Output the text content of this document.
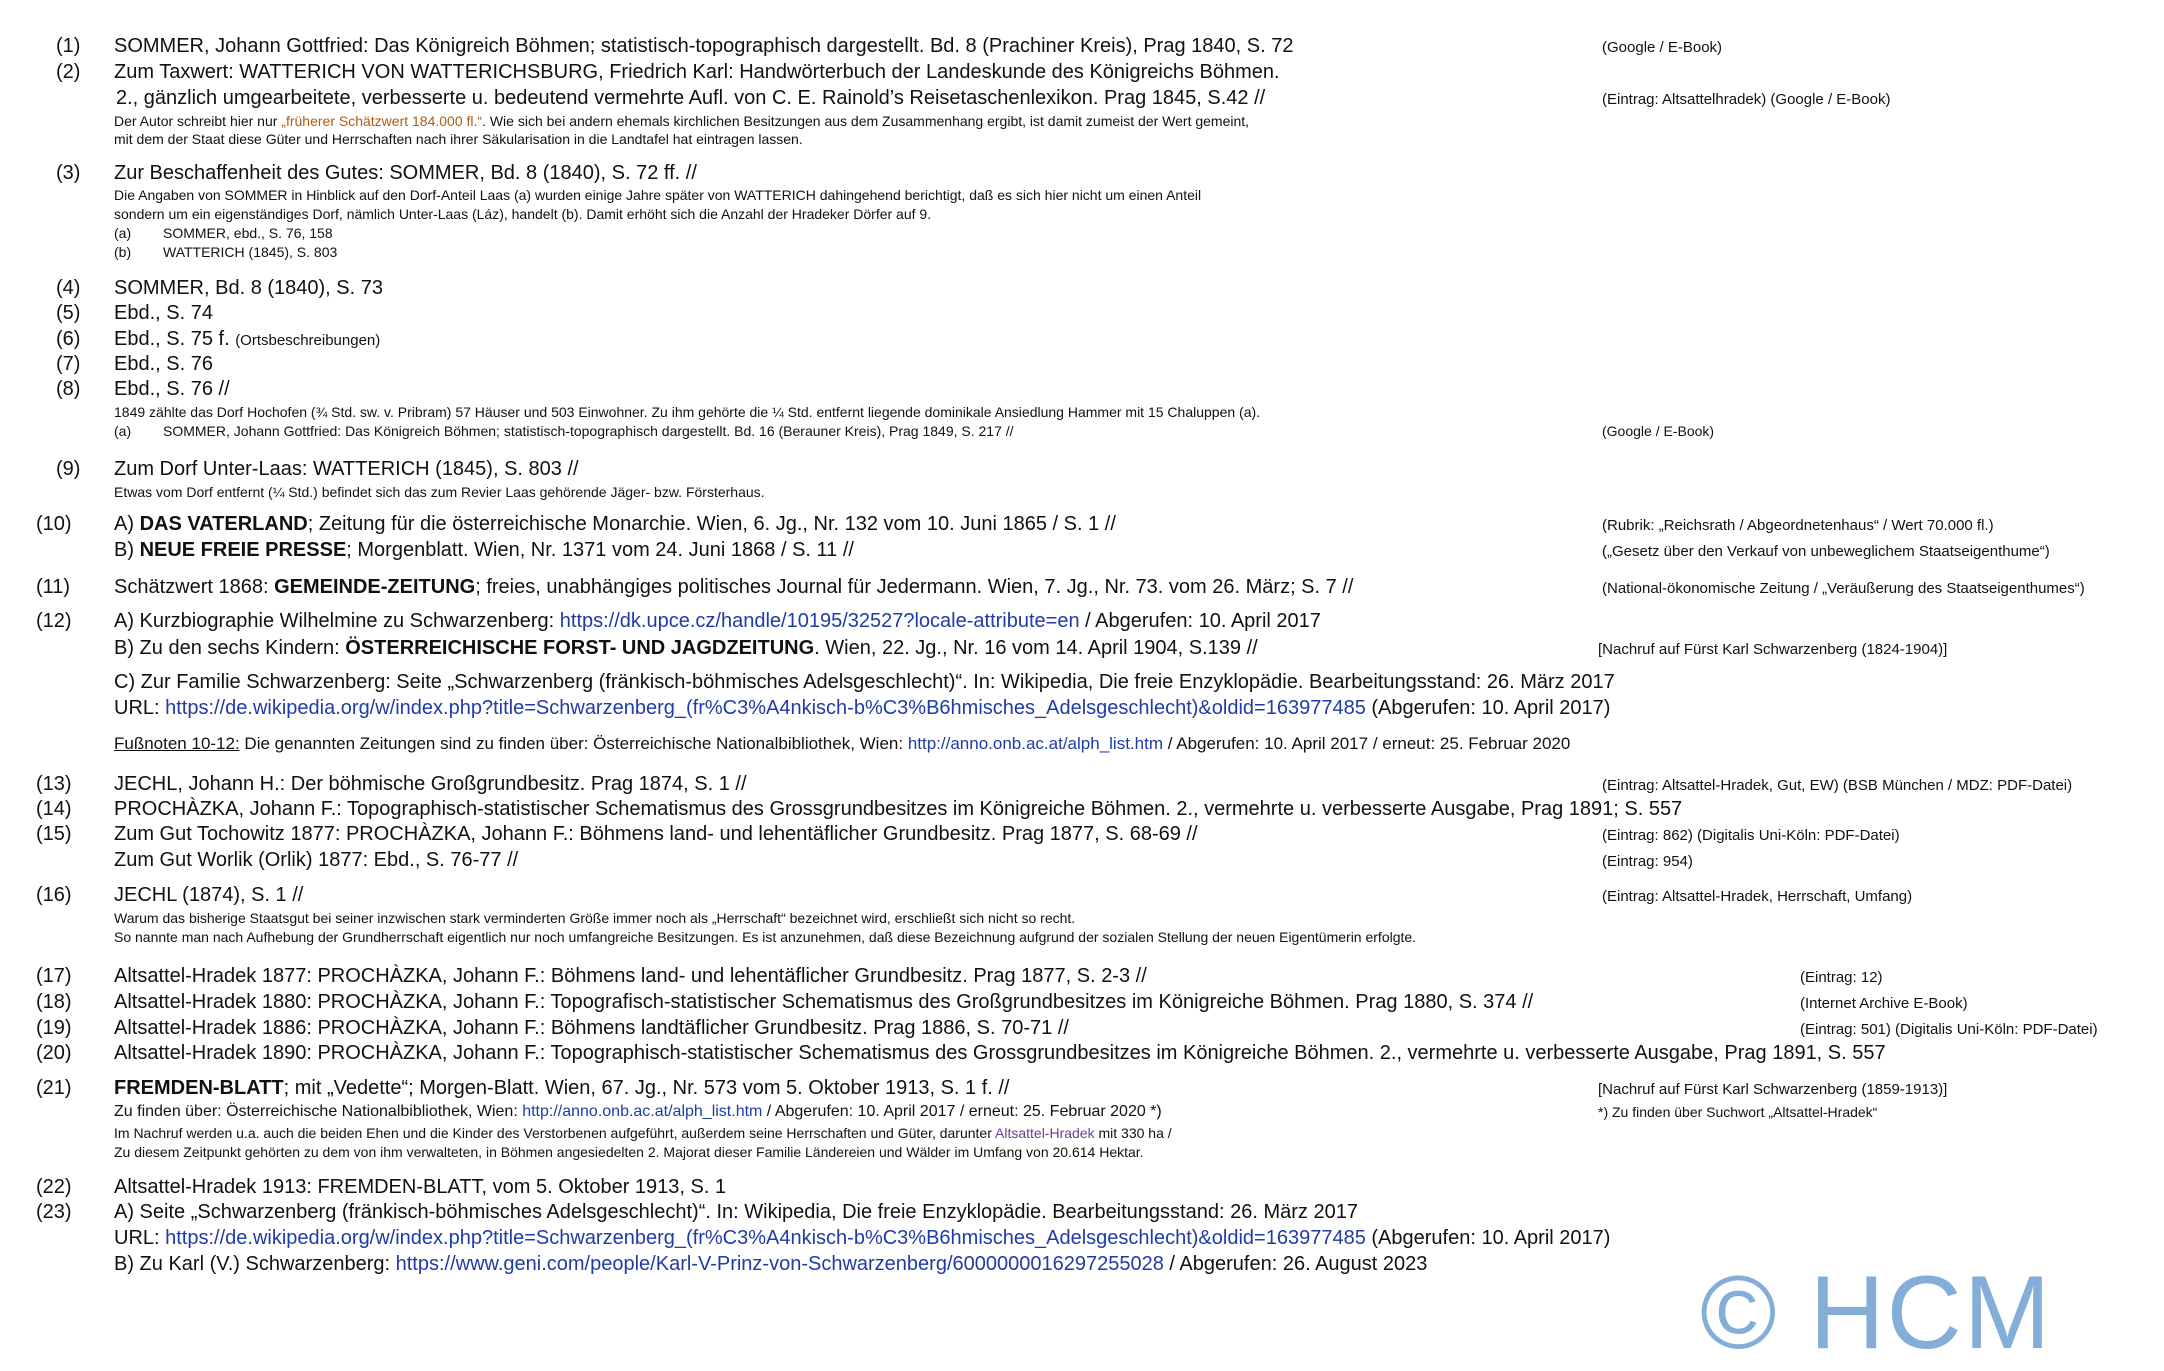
(1) SOMMER, Johann Gottfried: Das Königreich Böhmen; statistisch-topographisch dargestellt. Bd. 8 (Prachiner Kreis), Prag 1840, S. 72	(Google / E-Book)
(2) Zum Taxwert: WATTERICH VON WATTERICHSBURG, Friedrich Karl: Handwörterbuch der Landeskunde des Königreichs Böhmen.
2., gänzlich umgearbeitete, verbesserte u. bedeutend vermehrte Aufl. von C. E. Rainold’s Reisetaschenlexikon. Prag 1845, S.42 //	(Eintrag: Altsattelhradek) (Google / E-Book)
Der Autor schreibt hier nur „früherer Schätzwert 184.000 fl.“. Wie sich bei andern ehemals kirchlichen Besitzungen aus dem Zusammenhang ergibt, ist damit zumeist der Wert gemeint,
mit dem der Staat diese Güter und Herrschaften nach ihrer Säkularisation in die Landtafel hat eintragen lassen.
(3) Zur Beschaffenheit des Gutes: SOMMER, Bd. 8 (1840), S. 72 ff. //
Die Angaben von SOMMER in Hinblick auf den Dorf-Anteil Laas (a) wurden einige Jahre später von WATTERICH dahingehend berichtigt, daß es sich hier nicht um einen Anteil
sondern um ein eigenständiges Dorf, nämlich Unter-Laas (Láz), handelt (b). Damit erhöht sich die Anzahl der Hradeker Dörfer auf 9.
(a) SOMMER, ebd., S. 76, 158
(b) WATTERICH (1845), S. 803
(4) SOMMER, Bd. 8 (1840), S. 73
(5) Ebd., S. 74
(6) Ebd., S. 75 f. (Ortsbeschreibungen)
(7) Ebd., S. 76
(8) Ebd., S. 76 //
1849 zählte das Dorf Hochofen (¾ Std. sw. v. Pribram) 57 Häuser und 503 Einwohner. Zu ihm gehörte die ¼ Std. entfernt liegende dominikale Ansiedlung Hammer mit 15 Chaluppen (a).
(a) SOMMER, Johann Gottfried: Das Königreich Böhmen; statistisch-topographisch dargestellt. Bd. 16 (Berauner Kreis), Prag 1849, S. 217 //	(Google / E-Book)
(9) Zum Dorf Unter-Laas: WATTERICH (1845), S. 803 //
Etwas vom Dorf entfernt (¼ Std.) befindet sich das zum Revier Laas gehörende Jäger- bzw. Försterhaus.
(10) A) DAS VATERLAND; Zeitung für die österreichische Monarchie. Wien, 6. Jg., Nr. 132 vom 10. Juni 1865 / S. 1 //	(Rubrik: „Reichsrath / Abgeordnetenhaus“ / Wert 70.000 fl.)
B) NEUE FREIE PRESSE; Morgenblatt. Wien, Nr. 1371 vom 24. Juni 1868 / S. 11 //	(„Gesetz über den Verkauf von unbeweglichem Staatseigenthume“)
(11) Schätzwert 1868: GEMEINDE-ZEITUNG; freies, unabhängiges politisches Journal für Jedermann. Wien, 7. Jg., Nr. 73. vom 26. März; S. 7 //	(National-ökonomische Zeitung / „Veräußerung des Staatseigenthumes“)
(12) A) Kurzbiographie Wilhelmine zu Schwarzenberg: https://dk.upce.cz/handle/10195/32527?locale-attribute=en / Abgerufen: 10. April 2017
B) Zu den sechs Kindern: ÖSTERREICHISCHE FORST- UND JAGDZEITUNG. Wien, 22. Jg., Nr. 16 vom 14. April 1904, S.139 //	[Nachruf auf Fürst Karl Schwarzenberg (1824-1904)]
C) Zur Familie Schwarzenberg: Seite „Schwarzenberg (fränkisch-böhmisches Adelsgeschlecht)“. In: Wikipedia, Die freie Enzyklopädie. Bearbeitungsstand: 26. März 2017
URL: https://de.wikipedia.org/w/index.php?title=Schwarzenberg_(fr%C3%A4nkisch-b%C3%B6hmisches_Adelsgeschlecht)&oldid=163977485 (Abgerufen: 10. April 2017)
Fußnoten 10-12: Die genannten Zeitungen sind zu finden über: Österreichische Nationalbibliothek, Wien: http://anno.onb.ac.at/alph_list.htm / Abgerufen: 10. April 2017 / erneut: 25. Februar 2020
(13) JECHL, Johann H.: Der böhmische Großgrundbesitz. Prag 1874, S. 1 //	(Eintrag: Altsattel-Hradek, Gut, EW) (BSB München / MDZ: PDF-Datei)
(14) PROCHÀZKA, Johann F.: Topographisch-statistischer Schematismus des Grossgrundbesitzes im Königreiche Böhmen. 2., vermehrte u. verbesserte Ausgabe, Prag 1891; S. 557
(15) Zum Gut Tochowitz 1877: PROCHÀZKA, Johann F.: Böhmens land- und lehentäflicher Grundbesitz. Prag 1877, S. 68-69 //	(Eintrag: 862) (Digitalis Uni-Köln: PDF-Datei)
Zum Gut Worlik (Orlik) 1877: Ebd., S. 76-77 //	(Eintrag: 954)
(16) JECHL (1874), S. 1 //	(Eintrag: Altsattel-Hradek, Herrschaft, Umfang)
Warum das bisherige Staatsgut bei seiner inzwischen stark verminderten Größe immer noch als „Herrschaft“ bezeichnet wird, erschließt sich nicht so recht.
So nannte man nach Aufhebung der Grundherrschaft eigentlich nur noch umfangreiche Besitzungen. Es ist anzunehmen, daß diese Bezeichnung aufgrund der sozialen Stellung der neuen Eigentümerin erfolgte.
(17) Altsattel-Hradek 1877: PROCHÀZKA, Johann F.: Böhmens land- und lehentäflicher Grundbesitz. Prag 1877, S. 2-3 //	(Eintrag: 12)
(18) Altsattel-Hradek 1880: PROCHÀZKA, Johann F.: Topografisch-statistischer Schematismus des Großgrundbesitzes im Königreiche Böhmen. Prag 1880, S. 374 //	(Internet Archive E-Book)
(19) Altsattel-Hradek 1886: PROCHÀZKA, Johann F.: Böhmens landtäflicher Grundbesitz. Prag 1886, S. 70-71 //	(Eintrag: 501) (Digitalis Uni-Köln: PDF-Datei)
(20) Altsattel-Hradek 1890: PROCHÀZKA, Johann F.: Topographisch-statistischer Schematismus des Grossgrundbesitzes im Königreiche Böhmen. 2., vermehrte u. verbesserte Ausgabe, Prag 1891, S. 557
(21) FREMDEN-BLATT; mit „Vedette“; Morgen-Blatt. Wien, 67. Jg., Nr. 573 vom 5. Oktober 1913, S. 1 f. //	[Nachruf auf Fürst Karl Schwarzenberg (1859-1913)]
Zu finden über: Österreichische Nationalbibliothek, Wien: http://anno.onb.ac.at/alph_list.htm / Abgerufen: 10. April 2017 / erneut: 25. Februar 2020 *)	*) Zu finden über Suchwort „Altsattel-Hradek“
Im Nachruf werden u.a. auch die beiden Ehen und die Kinder des Verstorbenen aufgeführt, außerdem seine Herrschaften und Güter, darunter Altsattel-Hradek mit 330 ha /
Zu diesem Zeitpunkt gehörten zu dem von ihm verwalteten, in Böhmen angesiedelten 2. Majorat dieser Familie Ländereien und Wälder im Umfang von 20.614 Hektar.
(22) Altsattel-Hradek 1913: FREMDEN-BLATT, vom 5. Oktober 1913, S. 1
(23) A) Seite „Schwarzenberg (fränkisch-böhmisches Adelsgeschlecht)“. In: Wikipedia, Die freie Enzyklopädie. Bearbeitungsstand: 26. März 2017
URL: https://de.wikipedia.org/w/index.php?title=Schwarzenberg_(fr%C3%A4nkisch-b%C3%B6hmisches_Adelsgeschlecht)&oldid=163977485 (Abgerufen: 10. April 2017)
B) Zu Karl (V.) Schwarzenberg: https://www.geni.com/people/Karl-V-Prinz-von-Schwarzenberg/6000000016297255028 / Abgerufen: 26. August 2023	© HCM
